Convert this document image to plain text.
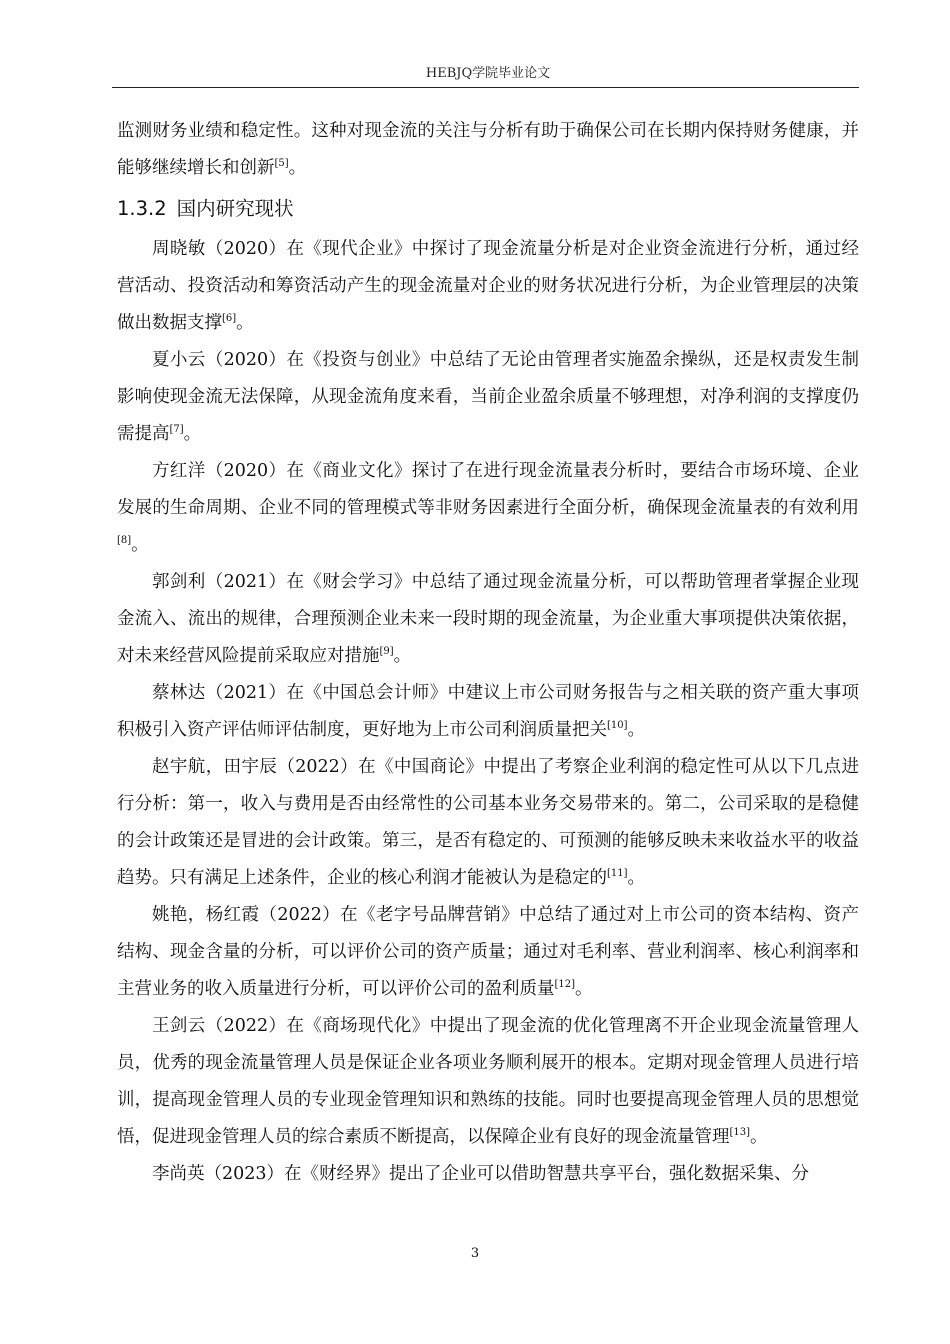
HEBJQ学院毕业论文

监测财务业绩和稳定性。这种对现金流的关注与分析有助于确保公司在长期内保持财务健康，并能够继续增长和创新[5]。

1.3.2 国内研究现状

周晓敏（2020）在《现代企业》中探讨了现金流量分析是对企业资金流进行分析，通过经营活动、投资活动和筹资活动产生的现金流量对企业的财务状况进行分析，为企业管理层的决策做出数据支撑[6]。

夏小云（2020）在《投资与创业》中总结了无论由管理者实施盈余操纵，还是权责发生制影响使现金流无法保障，从现金流角度来看，当前企业盈余质量不够理想，对净利润的支撑度仍需提高[7]。

方红洋（2020）在《商业文化》探讨了在进行现金流量表分析时，要结合市场环境、企业发展的生命周期、企业不同的管理模式等非财务因素进行全面分析，确保现金流量表的有效利用[8]。

郭剑利（2021）在《财会学习》中总结了通过现金流量分析，可以帮助管理者掌握企业现金流入、流出的规律，合理预测企业未来一段时期的现金流量，为企业重大事项提供决策依据，对未来经营风险提前采取应对措施[9]。

蔡林达（2021）在《中国总会计师》中建议上市公司财务报告与之相关联的资产重大事项积极引入资产评估师评估制度，更好地为上市公司利润质量把关[10]。

赵宇航，田宇辰（2022）在《中国商论》中提出了考察企业利润的稳定性可从以下几点进行分析：第一，收入与费用是否由经常性的公司基本业务交易带来的。第二，公司采取的是稳健的会计政策还是冒进的会计政策。第三，是否有稳定的、可预测的能够反映未来收益水平的收益趋势。只有满足上述条件，企业的核心利润才能被认为是稳定的[11]。

姚艳，杨红霞（2022）在《老字号品牌营销》中总结了通过对上市公司的资本结构、资产结构、现金含量的分析，可以评价公司的资产质量；通过对毛利率、营业利润率、核心利润率和主营业务的收入质量进行分析，可以评价公司的盈利质量[12]。

王剑云（2022）在《商场现代化》中提出了现金流的优化管理离不开企业现金流量管理人员，优秀的现金流量管理人员是保证企业各项业务顺利展开的根本。定期对现金管理人员进行培训，提高现金管理人员的专业现金管理知识和熟练的技能。同时也要提高现金管理人员的思想觉悟，促进现金管理人员的综合素质不断提高，以保障企业有良好的现金流量管理[13]。

李尚英（2023）在《财经界》提出了企业可以借助智慧共享平台，强化数据采集、分

3
